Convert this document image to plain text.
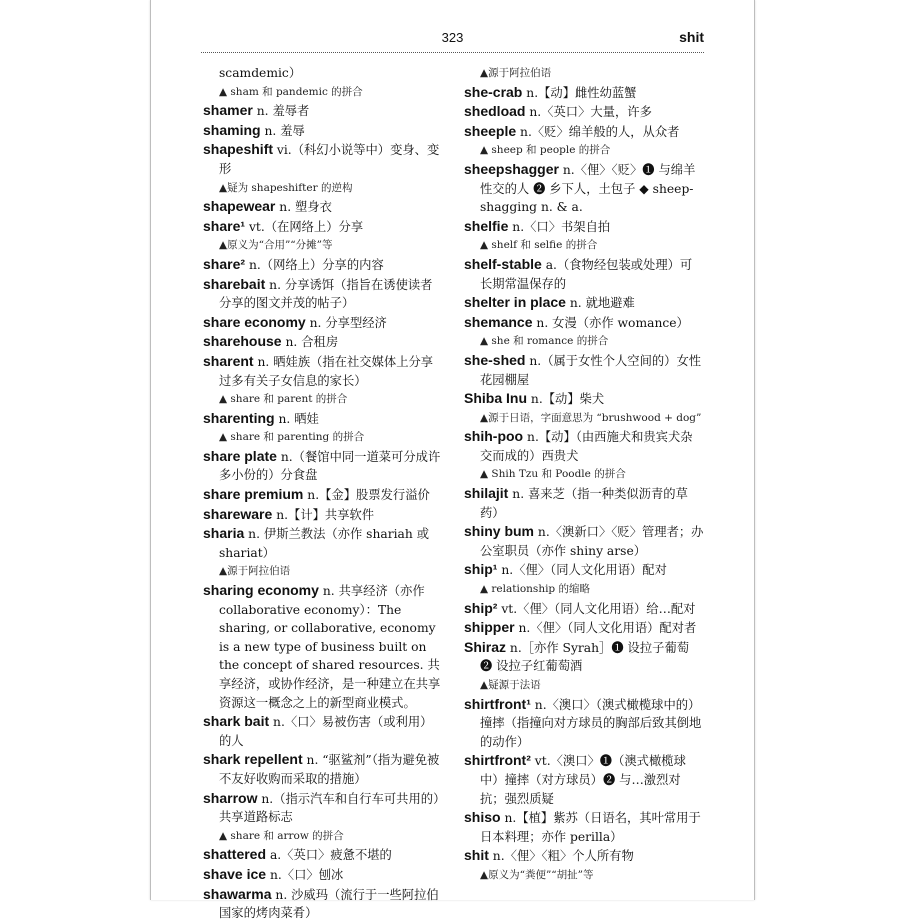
323	shit

scamdemic）

▲ sham 和 pandemic 的拼合

shamer n. 羞辱者

shaming n. 羞辱

shapeshift vi.（科幻小说等中）变身、变形

▲疑为 shapeshifter 的逆构

shapewear n. 塑身衣

share¹ vt.（在网络上）分享

▲原义为“合用”“分摊”等

share² n.（网络上）分享的内容

sharebait n. 分享诱饵（指旨在诱使读者分享的图文并茂的帖子）

share economy n. 分享型经济

sharehouse n. 合租房

sharent n. 晒娃族（指在社交媒体上分享过多有关子女信息的家长）

▲ share 和 parent 的拼合

sharenting n. 晒娃

▲ share 和 parenting 的拼合

share plate n.（餐馆中同一道菜可分成许多小份的）分食盘

share premium n.【金】股票发行溢价

shareware n.【计】共享软件

sharia n. 伊斯兰教法（亦作 shariah 或 shariat）

▲源于阿拉伯语

sharing economy n. 共享经济（亦作 collaborative economy）：The sharing, or collaborative, economy is a new type of business built on the concept of shared resources. 共享经济，或协作经济，是一种建立在共享资源这一概念之上的新型商业模式。

shark bait n.〈口〉易被伤害（或利用）的人

shark repellent n. “驱鲨剂”（指为避免被不友好收购而采取的措施）

sharrow n.（指示汽车和自行车可共用的）共享道路标志

▲ share 和 arrow 的拼合

shattered a.〈英口〉疲惫不堪的

shave ice n.〈口〉刨冰

shawarma n. 沙威玛（流行于一些阿拉伯国家的烤肉菜肴）

▲源于阿拉伯语

she-crab n.【动】雌性幼蓝蟹

shedload n.〈英口〉大量，许多

sheeple n.〈贬〉绵羊般的人，从众者

▲ sheep 和 people 的拼合

sheepshagger n.〈俚〉〈贬〉❶ 与绵羊性交的人 ❷ 乡下人，土包子 ◆ sheep-shagging n. & a.

shelfie n.〈口〉书架自拍

▲ shelf 和 selfie 的拼合

shelf-stable a.（食物经包装或处理）可长期常温保存的

shelter in place n. 就地避难

shemance n. 女漫（亦作 womance）

▲ she 和 romance 的拼合

she-shed n.（属于女性个人空间的）女性花园棚屋

Shiba Inu n.【动】柴犬

▲源于日语，字面意思为 “brushwood + dog”

shih-poo n.【动】（由西施犬和贵宾犬杂交而成的）西贵犬

▲ Shih Tzu 和 Poodle 的拼合

shilajit n. 喜来芝（指一种类似沥青的草药）

shiny bum n.〈澳新口〉〈贬〉管理者；办公室职员（亦作 shiny arse）

ship¹ n.〈俚〉（同人文化用语）配对

▲ relationship 的缩略

ship² vt.〈俚〉（同人文化用语）给…配对

shipper n.〈俚〉（同人文化用语）配对者

Shiraz n.［亦作 Syrah］❶ 设拉子葡萄 ❷ 设拉子红葡萄酒

▲疑源于法语

shirtfront¹ n.〈澳口〉（澳式橄榄球中的）撞摔（指撞向对方球员的胸部后致其倒地的动作）

shirtfront² vt.〈澳口〉❶（澳式橄榄球中）撞摔（对方球员）❷ 与…激烈对抗；强烈质疑

shiso n.【植】紫苏（日语名，其叶常用于日本料理；亦作 perilla）

shit n.〈俚〉〈粗〉个人所有物

▲原义为“粪便”“胡扯”等
